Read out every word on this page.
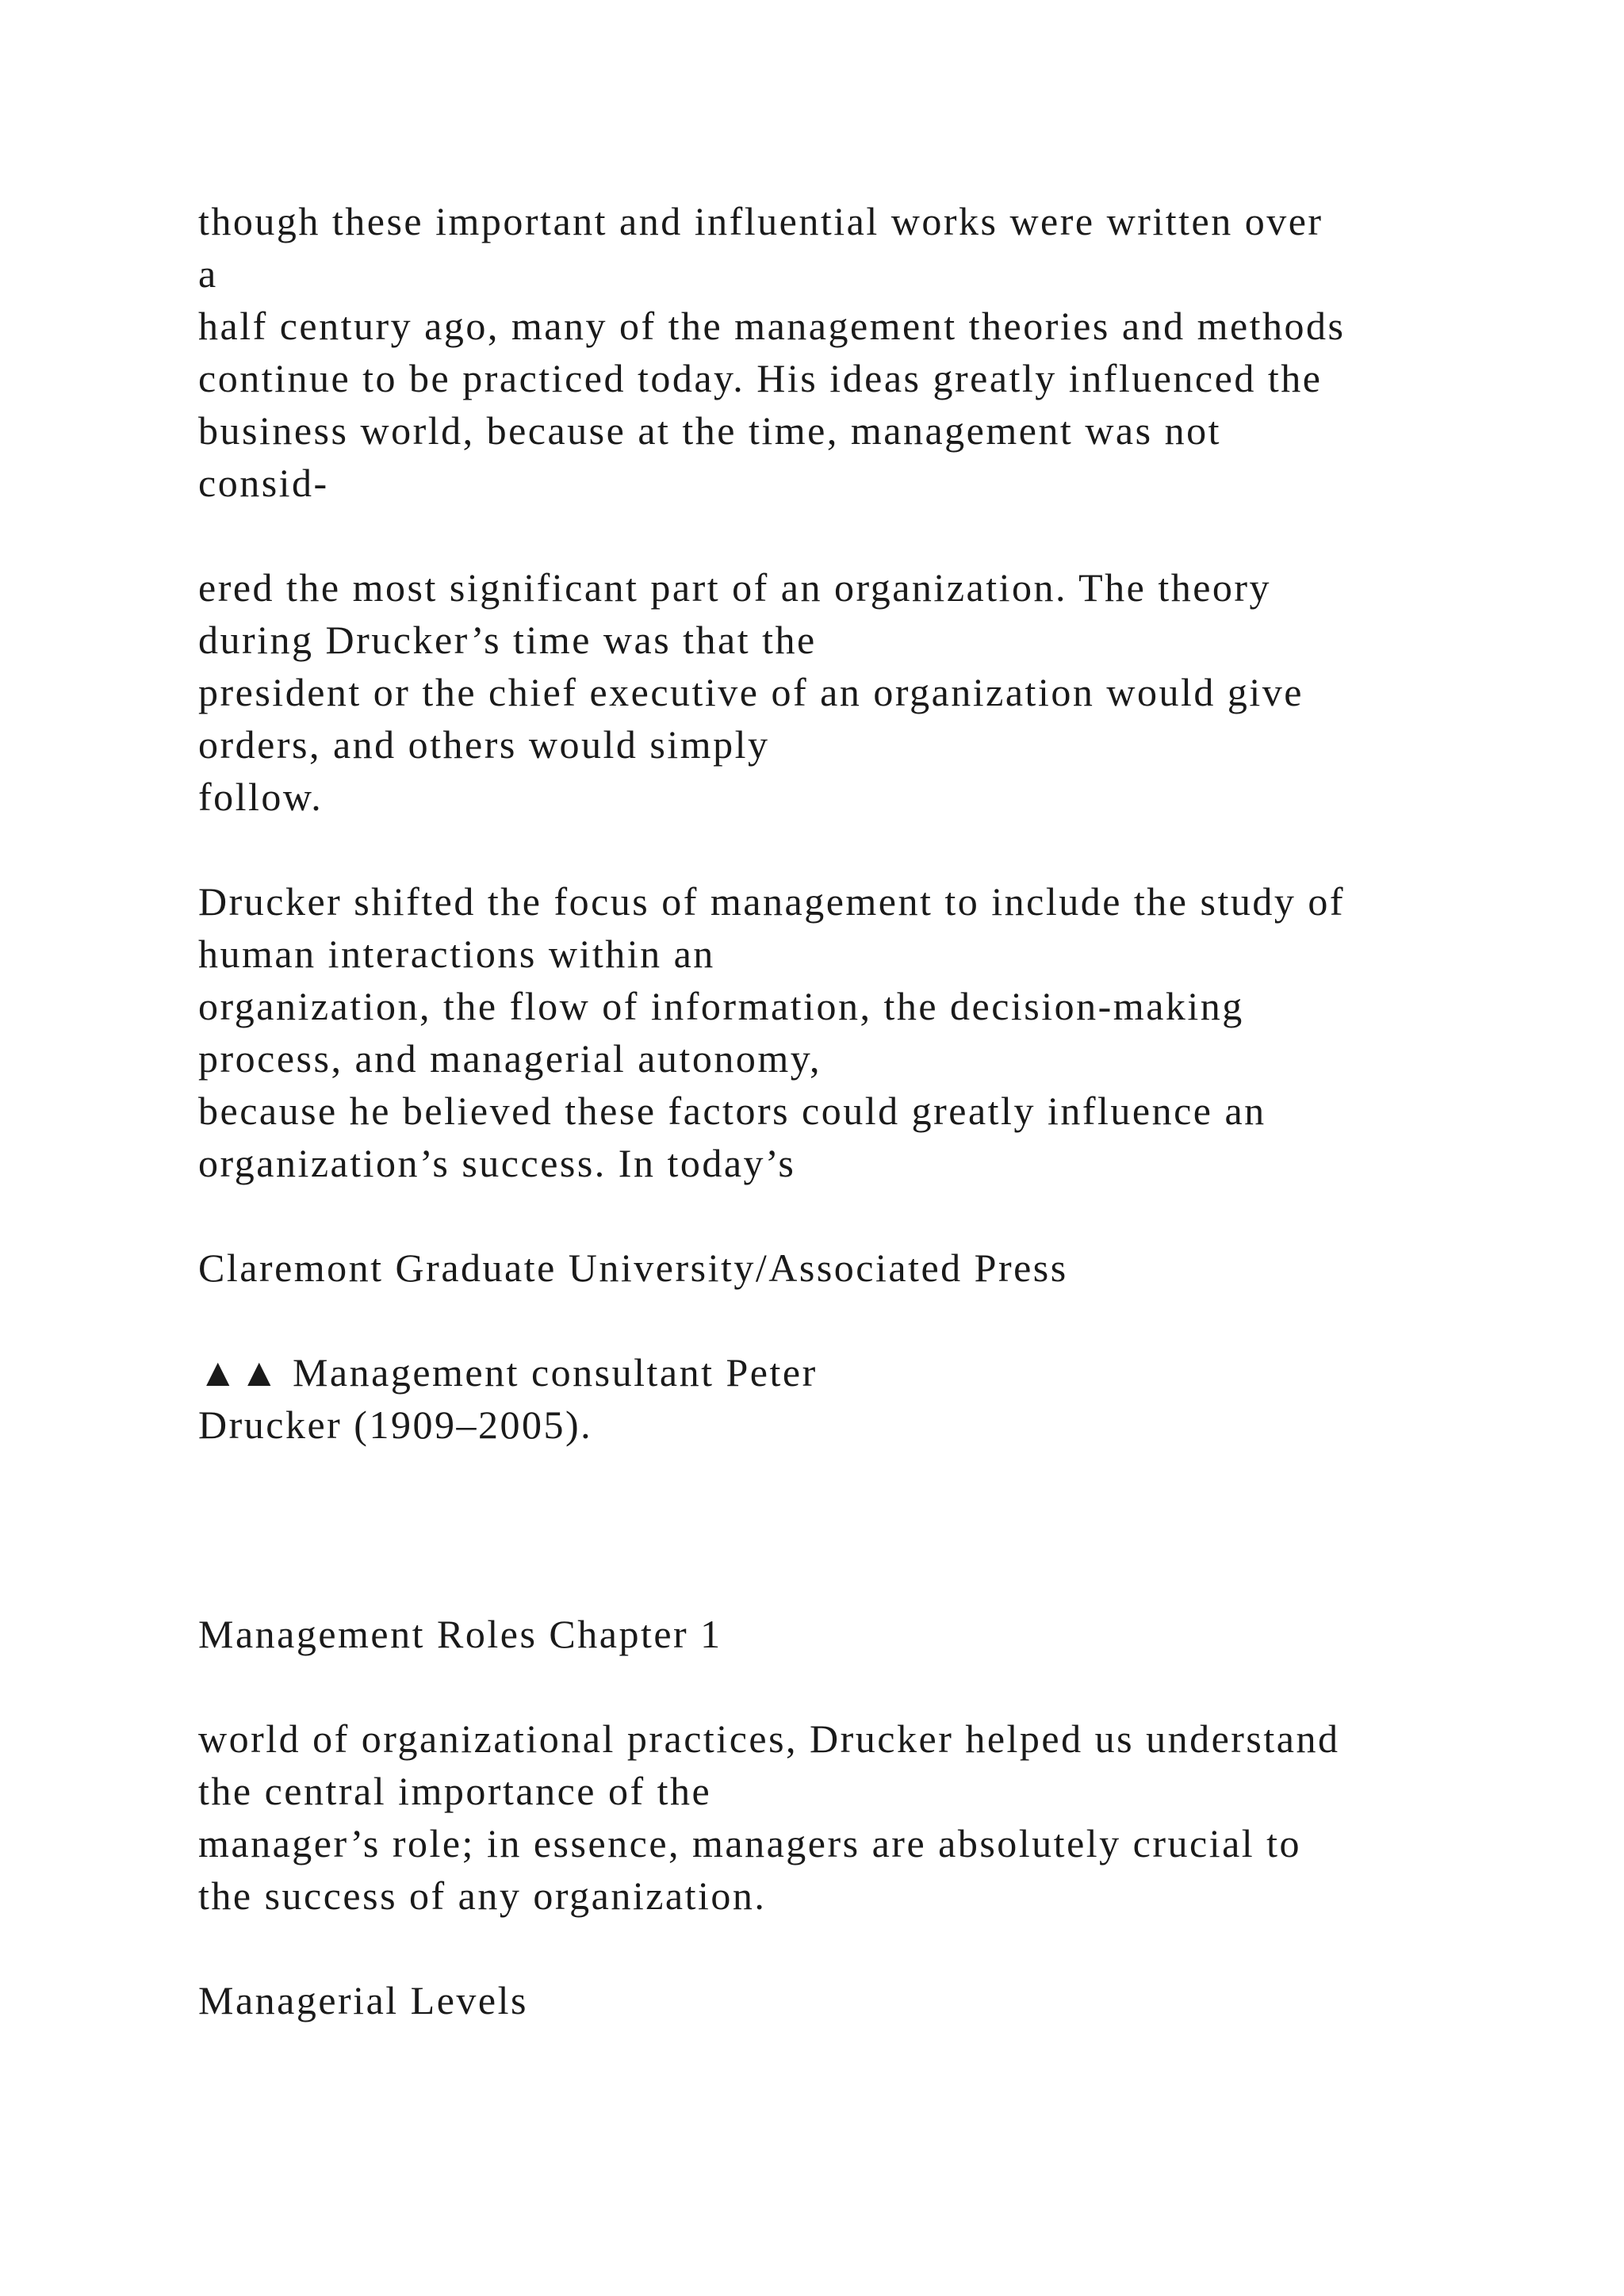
though these important and influential works were written over
a
half century ago, many of the management theories and methods
continue to be practiced today. His ideas greatly influenced the
business world, because at the time, management was not
consid-
ered the most significant part of an organization. The theory
during Drucker’s time was that the
president or the chief executive of an organization would give
orders, and others would simply
follow.
Drucker shifted the focus of management to include the study of
human interactions within an
organization, the flow of information, the decision-making
process, and managerial autonomy,
because he believed these factors could greatly influence an
organization’s success. In today’s
Claremont Graduate University/Associated Press
▲▲ Management consultant Peter
Drucker (1909–2005).
Management Roles Chapter 1
world of organizational practices, Drucker helped us understand
the central importance of the
manager’s role; in essence, managers are absolutely crucial to
the success of any organization.
Managerial Levels
